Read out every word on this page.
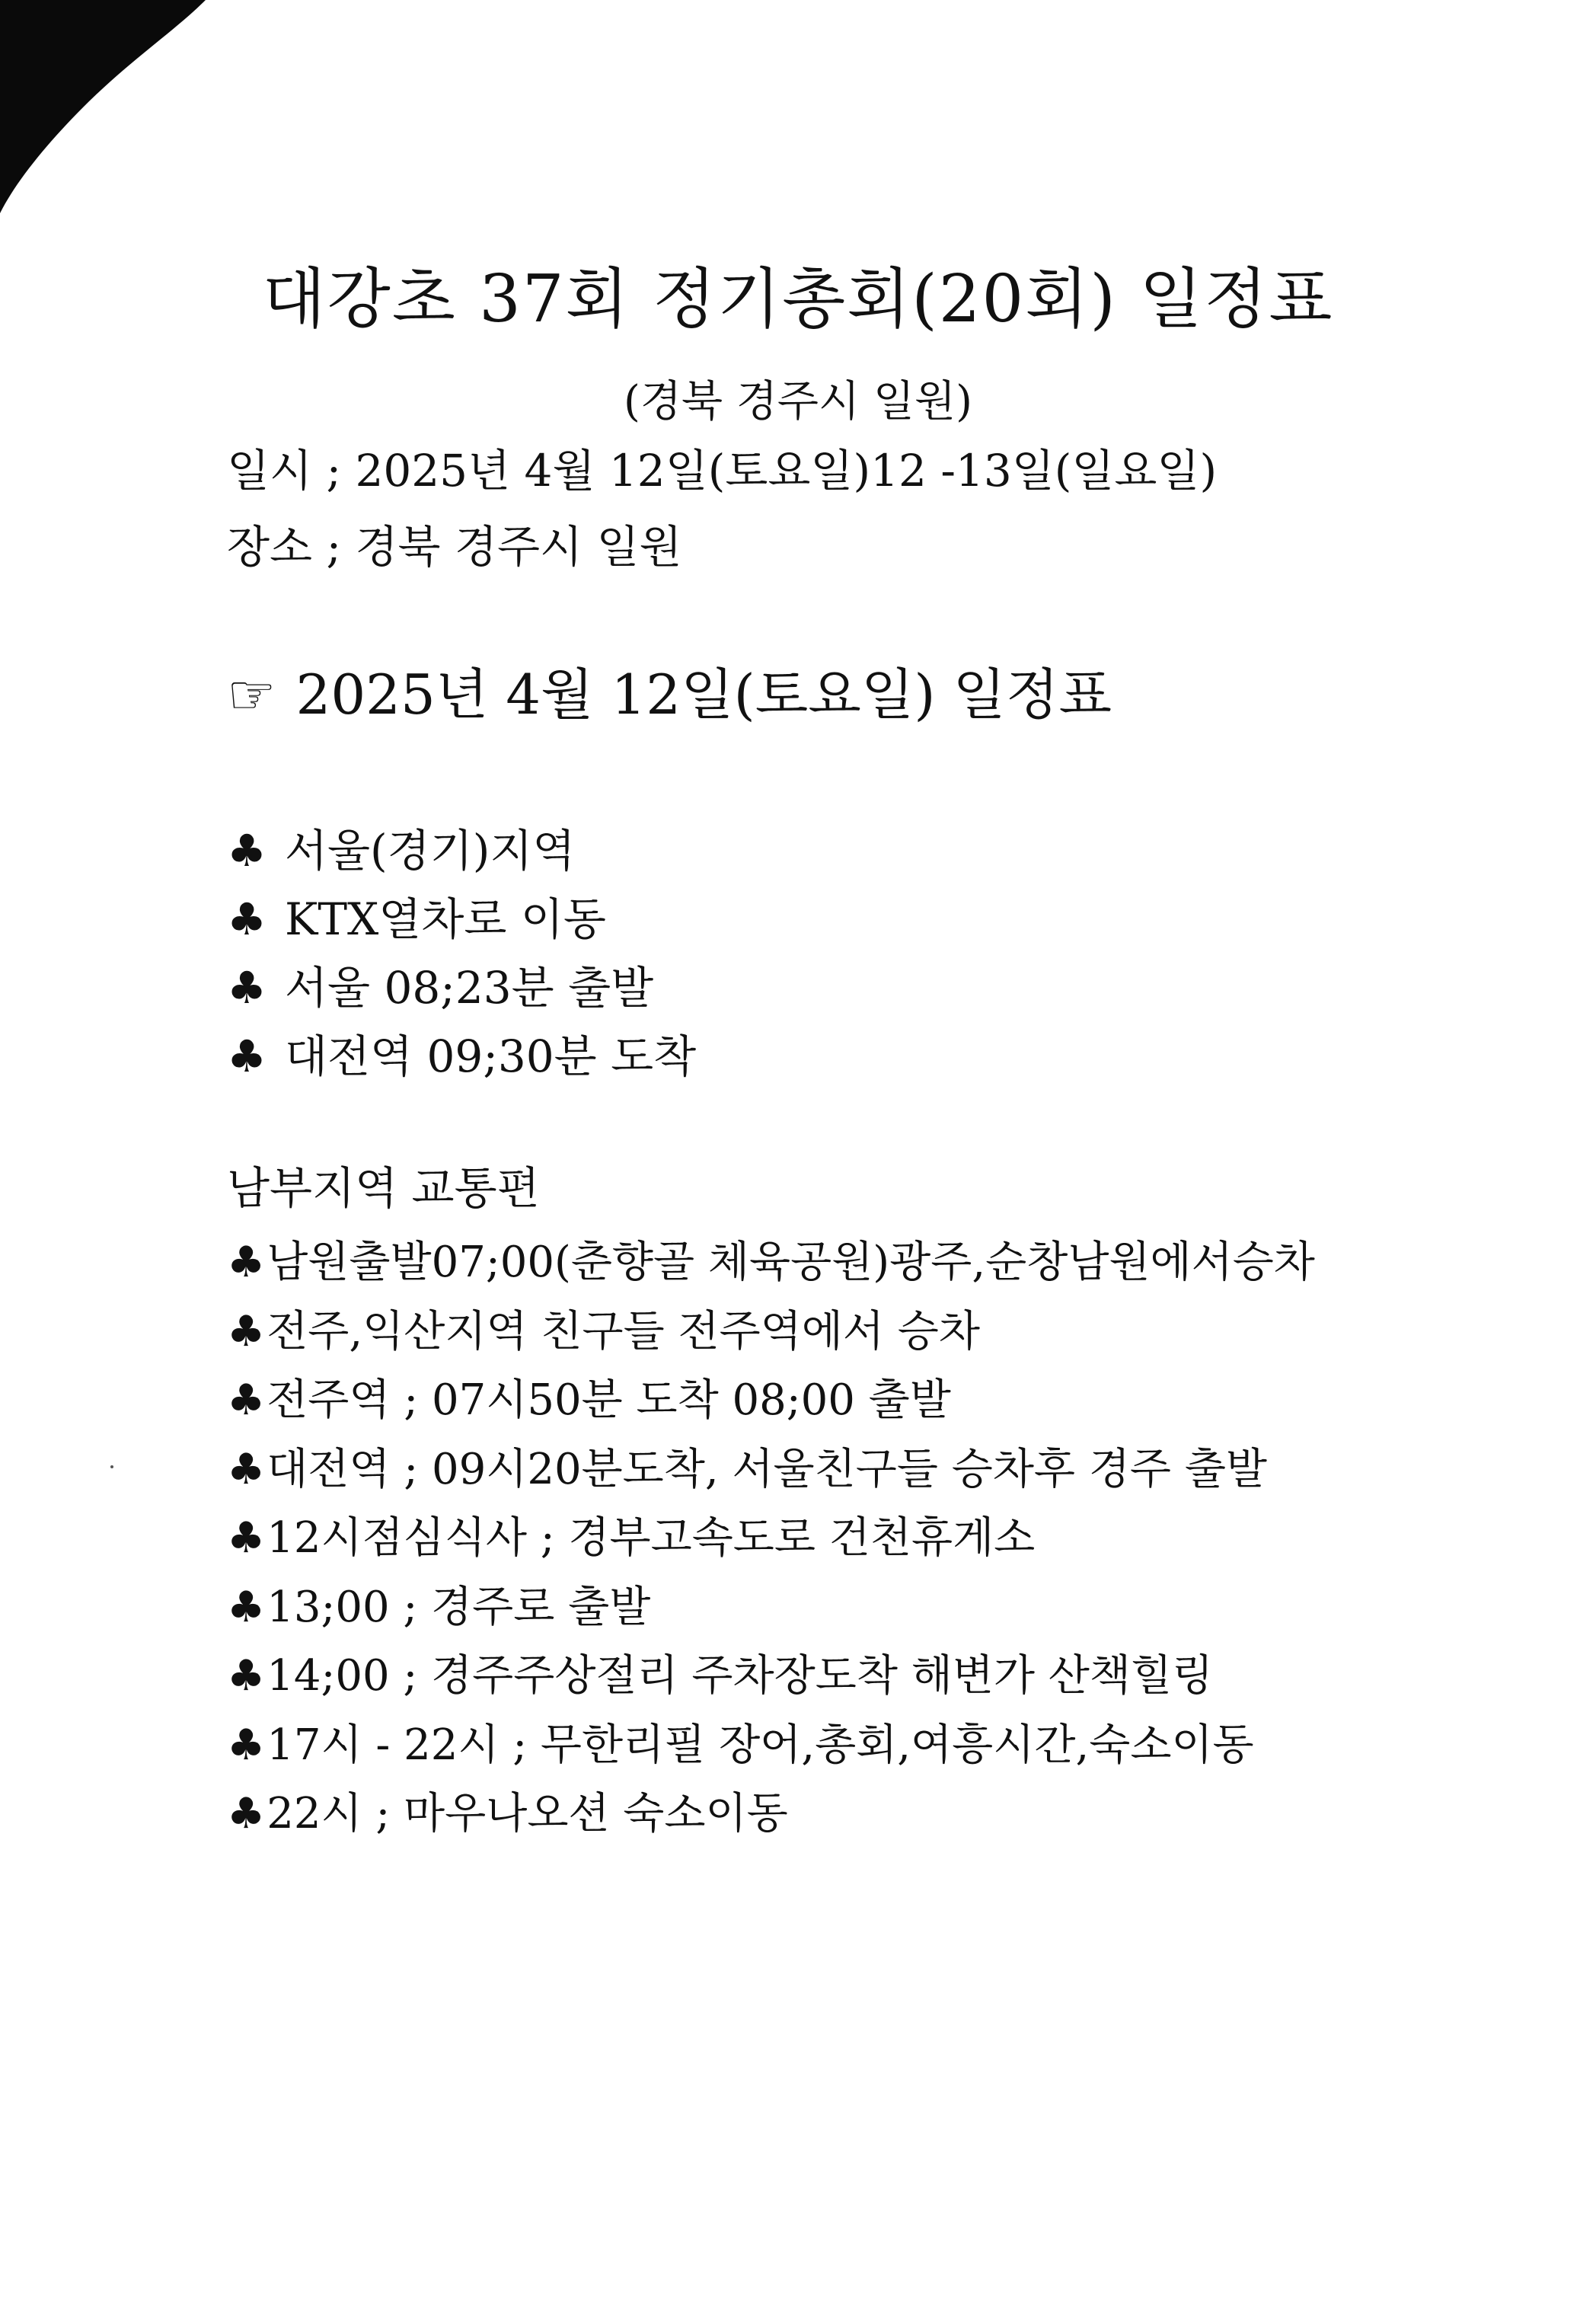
대강초 37회 정기총회(20회) 일정표
(경북 경주시 일원)
일시 ; 2025년 4월 12일(토요일)12 -13일(일요일)
장소 ; 경북 경주시 일원
☞ 2025년 4월 12일(토요일) 일정표
♣ 서울(경기)지역
♣ KTX열차로 이동
♣ 서울 08;23분 출발
♣ 대전역 09;30분 도착
남부지역 교통편
♣남원출발07;00(춘향골 체육공원)광주,순창남원에서승차
♣전주,익산지역 친구들 전주역에서 승차
♣전주역 ; 07시50분 도착 08;00 출발
♣대전역 ; 09시20분도착, 서울친구들 승차후 경주 출발
♣12시점심식사 ; 경부고속도로 건천휴게소
♣13;00 ; 경주로 출발
♣14;00 ; 경주주상절리 주차장도착 해변가 산책힐링
♣17시 - 22시 ; 무한리필 장어,총회,여흥시간,숙소이동
♣22시 ; 마우나오션 숙소이동
